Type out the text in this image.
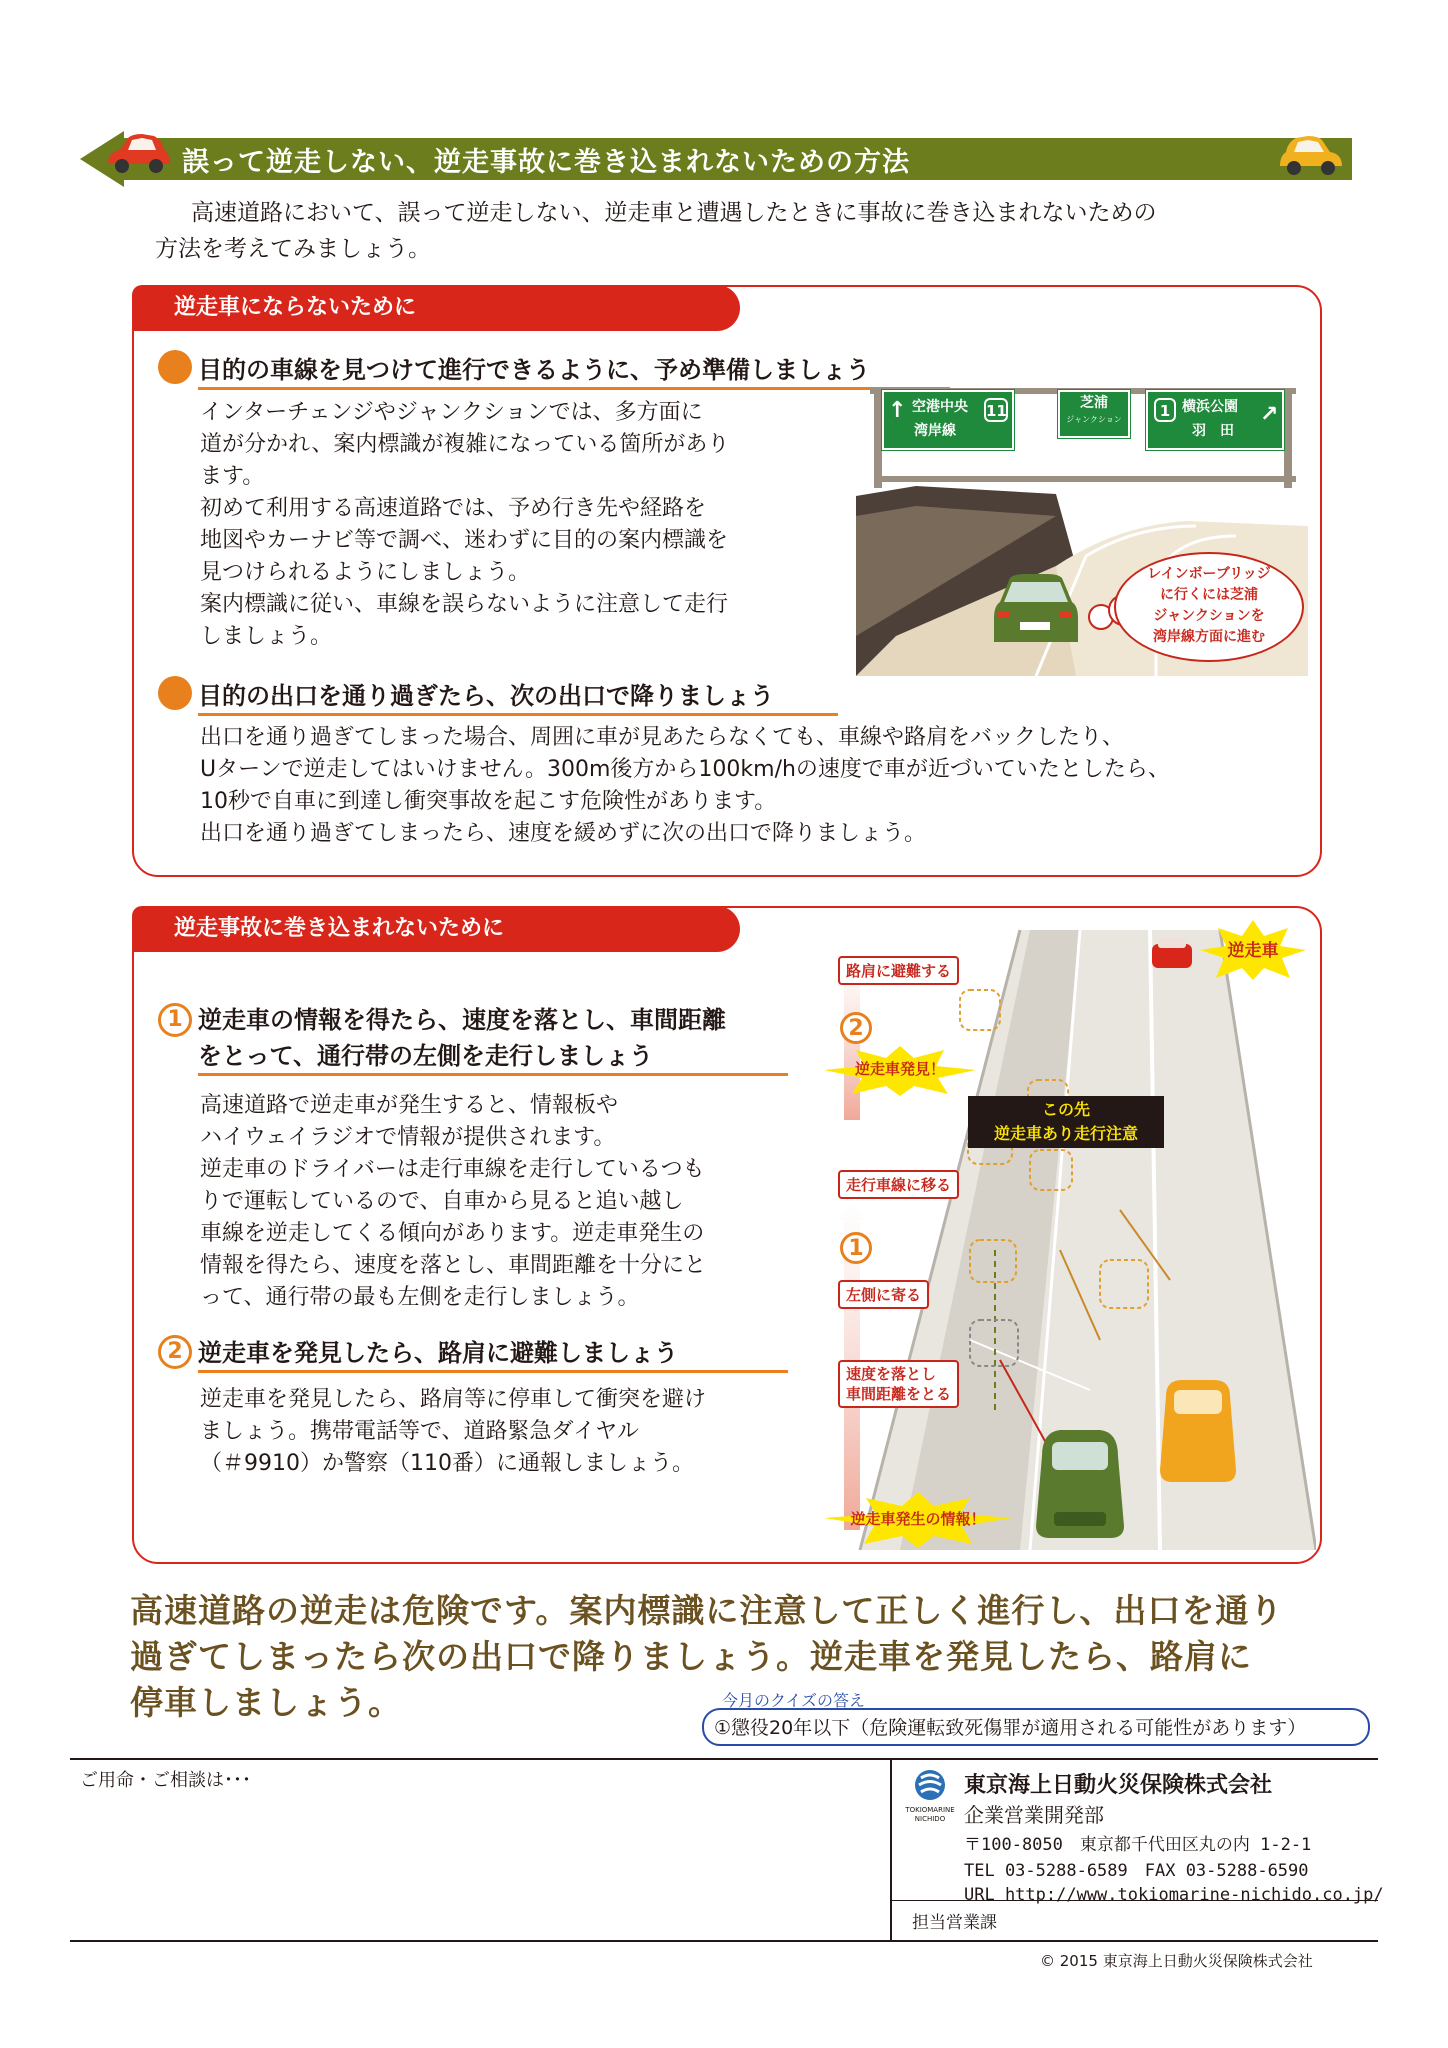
誤って逆走しない、逆走事故に巻き込まれないための方法

高速道路において、誤って逆走しない、逆走車と遭遇したときに事故に巻き込まれないための

方法を考えてみましょう。
逆走車にならないために
目的の車線を見つけて進行できるように、予め準備しましょう

インターチェンジやジャンクションでは、多方面に

道が分かれ、案内標識が複雑になっている箇所があり

ます。

初めて利用する高速道路では、予め行き先や経路を

地図やカーナビ等で調べ、迷わずに目的の案内標識を

見つけられるようにしましょう。

案内標識に従い、車線を誤らないように注意して走行

しましょう。

↑ 空港中央
湾岸線
11	芝浦
ジャンクション	1 横浜公園
羽　田
↗
レインボーブリッジ
に行くには芝浦
ジャンクションを
湾岸線方面に進む
目的の出口を通り過ぎたら、次の出口で降りましょう

出口を通り過ぎてしまった場合、周囲に車が見あたらなくても、車線や路肩をバックしたり、

Uターンで逆走してはいけません。300m後方から100km/hの速度で車が近づいていたとしたら、

10秒で自車に到達し衝突事故を起こす危険性があります。

出口を通り過ぎてしまったら、速度を緩めずに次の出口で降りましょう。

逆走事故に巻き込まれないために
1 逆走車の情報を得たら、速度を落とし、車間距離
をとって、通行帯の左側を走行しましょう

高速道路で逆走車が発生すると、情報板や

ハイウェイラジオで情報が提供されます。

逆走車のドライバーは走行車線を走行しているつも

りで運転しているので、自車から見ると追い越し

車線を逆走してくる傾向があります。逆走車発生の

情報を得たら、速度を落とし、車間距離を十分にと

って、通行帯の最も左側を走行しましょう。

2 逆走車を発見したら、路肩に避難しましょう

逆走車を発見したら、路肩等に停車して衝突を避け

ましょう。携帯電話等で、道路緊急ダイヤル

（＃9910）か警察（110番）に通報しましょう。

逆走車
路肩に避難する
2
逆走車発見！
この先
逆走車あり走行注意
走行車線に移る
1
左側に寄る
速度を落とし
車間距離をとる
逆走車発生の情報！
高速道路の逆走は危険です。案内標識に注意して正しく進行し、出口を通り
過ぎてしまったら次の出口で降りましょう。逆走車を発見したら、路肩に
停車しましょう。	今月のクイズの答え
①懲役20年以下（危険運転致死傷罪が適用される可能性があります）
ご用命・ご相談は･･･
TOKIOMARINE
NICHIDO
東京海上日動火災保険株式会社
企業営業開発部
〒100-8050　東京都千代田区丸の内 1-2-1
TEL 03-5288-6589　FAX 03-5288-6590
URL http://www.tokiomarine-nichido.co.jp/
担当営業課
© 2015 東京海上日動火災保険株式会社
